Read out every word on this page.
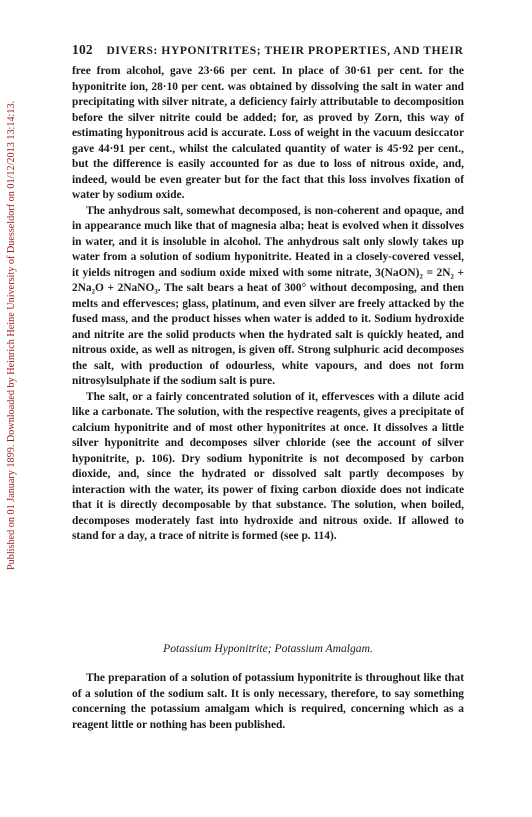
Published on 01 January 1899. Downloaded by Heinrich Heine University of Duesseldorf on 01/12/2013 13:14:13.
102 DIVERS: HYPONITRITES; THEIR PROPERTIES, AND THEIR

free from alcohol, gave 23·66 per cent. In place of 30·61 per cent. for the hyponitrite ion, 28·10 per cent. was obtained by dissolving the salt in water and precipitating with silver nitrate, a deficiency fairly attributable to decomposition before the silver nitrite could be added; for, as proved by Zorn, this way of estimating hyponitrous acid is accurate. Loss of weight in the vacuum desiccator gave 44·91 per cent., whilst the calculated quantity of water is 45·92 per cent., but the difference is easily accounted for as due to loss of nitrous oxide, and, indeed, would be even greater but for the fact that this loss involves fixation of water by sodium oxide.

The anhydrous salt, somewhat decomposed, is non-coherent and opaque, and in appearance much like that of magnesia alba; heat is evolved when it dissolves in water, and it is insoluble in alcohol. The anhydrous salt only slowly takes up water from a solution of sodium hyponitrite. Heated in a closely-covered vessel, it yields nitrogen and sodium oxide mixed with some nitrate, 3(NaON)₂ = 2N₂ + 2Na₂O + 2NaNO₃. The salt bears a heat of 300° without decomposing, and then melts and effervesces; glass, platinum, and even silver are freely attacked by the fused mass, and the product hisses when water is added to it. Sodium hydroxide and nitrite are the solid products when the hydrated salt is quickly heated, and nitrous oxide, as well as nitrogen, is given off. Strong sulphuric acid decomposes the salt, with production of odourless, white vapours, and does not form nitrosylsulphate if the sodium salt is pure.

The salt, or a fairly concentrated solution of it, effervesces with a dilute acid like a carbonate. The solution, with the respective reagents, gives a precipitate of calcium hyponitrite and of most other hyponitrites at once. It dissolves a little silver hyponitrite and decomposes silver chloride (see the account of silver hyponitrite, p. 106). Dry sodium hyponitrite is not decomposed by carbon dioxide, and, since the hydrated or dissolved salt partly decomposes by interaction with the water, its power of fixing carbon dioxide does not indicate that it is directly decomposable by that substance. The solution, when boiled, decomposes moderately fast into hydroxide and nitrous oxide. If allowed to stand for a day, a trace of nitrite is formed (see p. 114).

Potassium Hyponitrite; Potassium Amalgam.

The preparation of a solution of potassium hyponitrite is throughout like that of a solution of the sodium salt. It is only necessary, therefore, to say something concerning the potassium amalgam which is required, concerning which as a reagent little or nothing has been published.
